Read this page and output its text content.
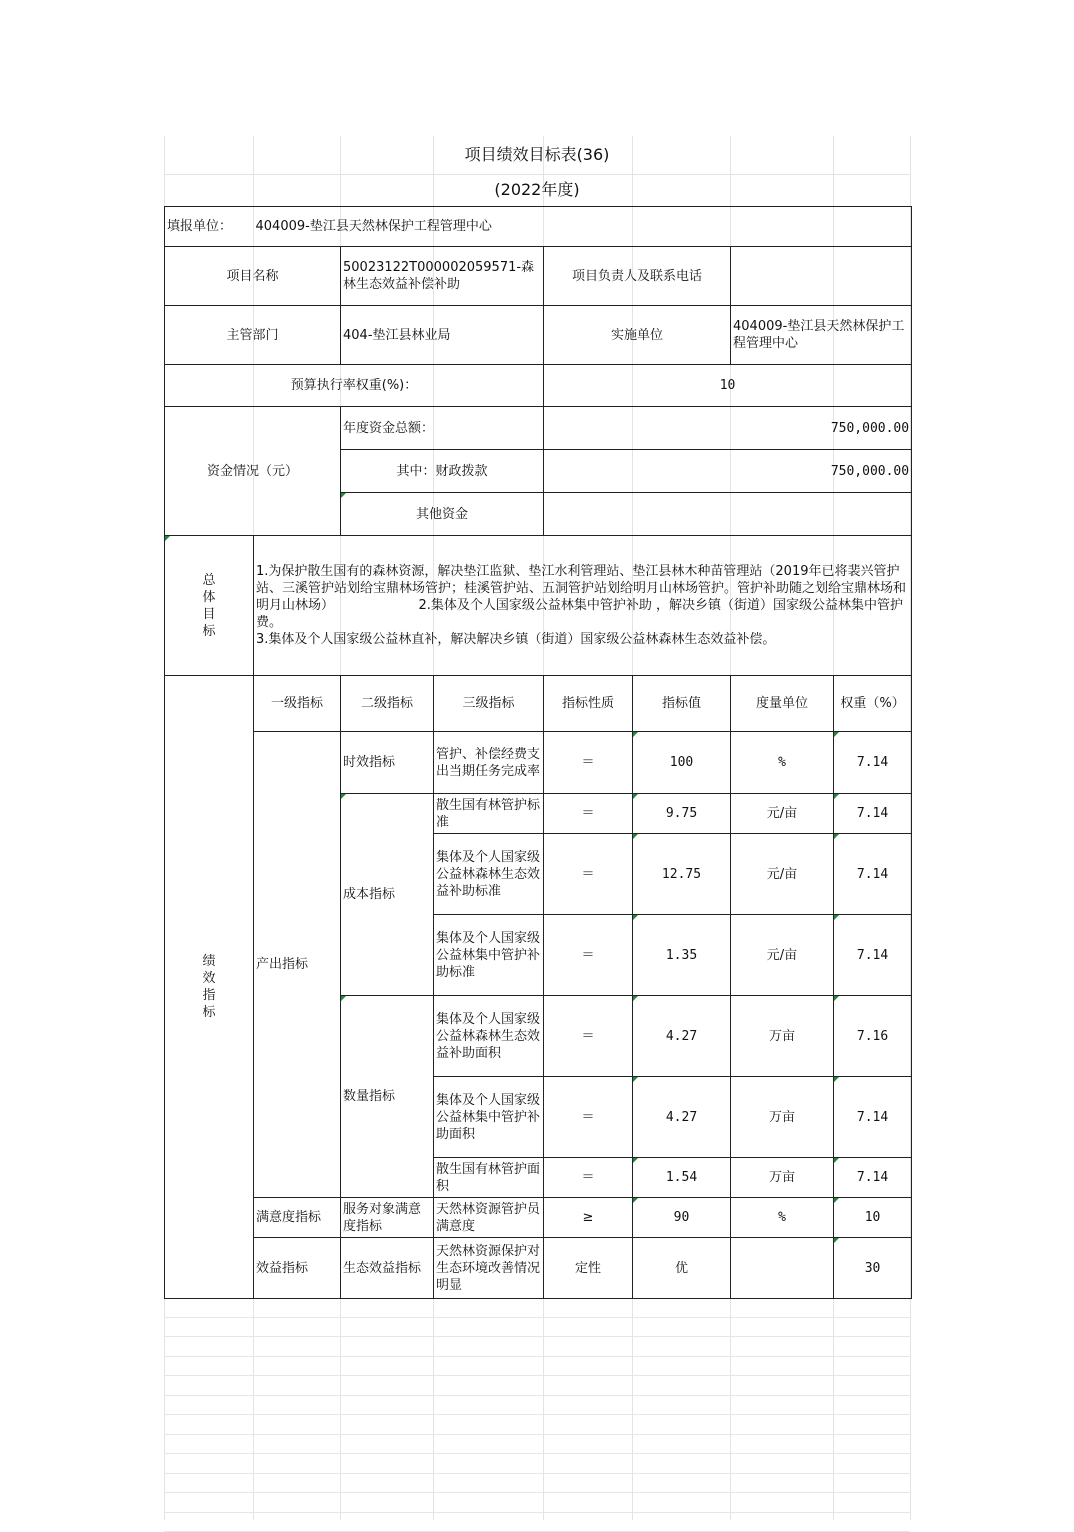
项目绩效目标表(36)
(2022年度)
填报单位：	404009-垫江县天然林保护工程管理中心						
项目名称		50023122T000002059571-森林生态效益补偿补助		项目负责人及联系电话			
主管部门		404-垫江县林业局		实施单位		404009-垫江县天然林保护工程管理中心	
预算执行率权重(%)：				10			
资金情况（元）		年度资金总额：		750,000.00			
		其中：财政拨款		750,000.00			
		其他资金					
总体目标	1.为保护散生国有的森林资源，解决垫江监狱、垫江水利管理站、垫江县林木种苗管理站（2019年已将裴兴管护站、三溪管护站划给宝鼎林场管护；桂溪管护站、五洞管护站划给明月山林场管护。管护补助随之划给宝鼎林场和明月山林场）　　　　　　　2.集体及个人国家级公益林集中管护补助 ，解决乡镇（街道）国家级公益林集中管护费。
3.集体及个人国家级公益林直补，解决解决乡镇（街道）国家级公益林森林生态效益补偿。						
绩效指标	一级指标	二级指标	三级指标	指标性质	指标值	度量单位	权重（%）
	产出指标	时效指标	管护、补偿经费支出当期任务完成率	＝	100	%	7.14
		成本指标	散生国有林管护标准	＝	9.75	元/亩	7.14
			集体及个人国家级公益林森林生态效益补助标准	＝	12.75	元/亩	7.14
			集体及个人国家级公益林集中管护补助标准	＝	1.35	元/亩	7.14
		数量指标	集体及个人国家级公益林森林生态效益补助面积	＝	4.27	万亩	7.16
			集体及个人国家级公益林集中管护补助面积	＝	4.27	万亩	7.14
			散生国有林管护面积	＝	1.54	万亩	7.14
	满意度指标	服务对象满意度指标	天然林资源管护员满意度	≥	90	%	10
	效益指标	生态效益指标	天然林资源保护对生态环境改善情况明显	定性	优		30
